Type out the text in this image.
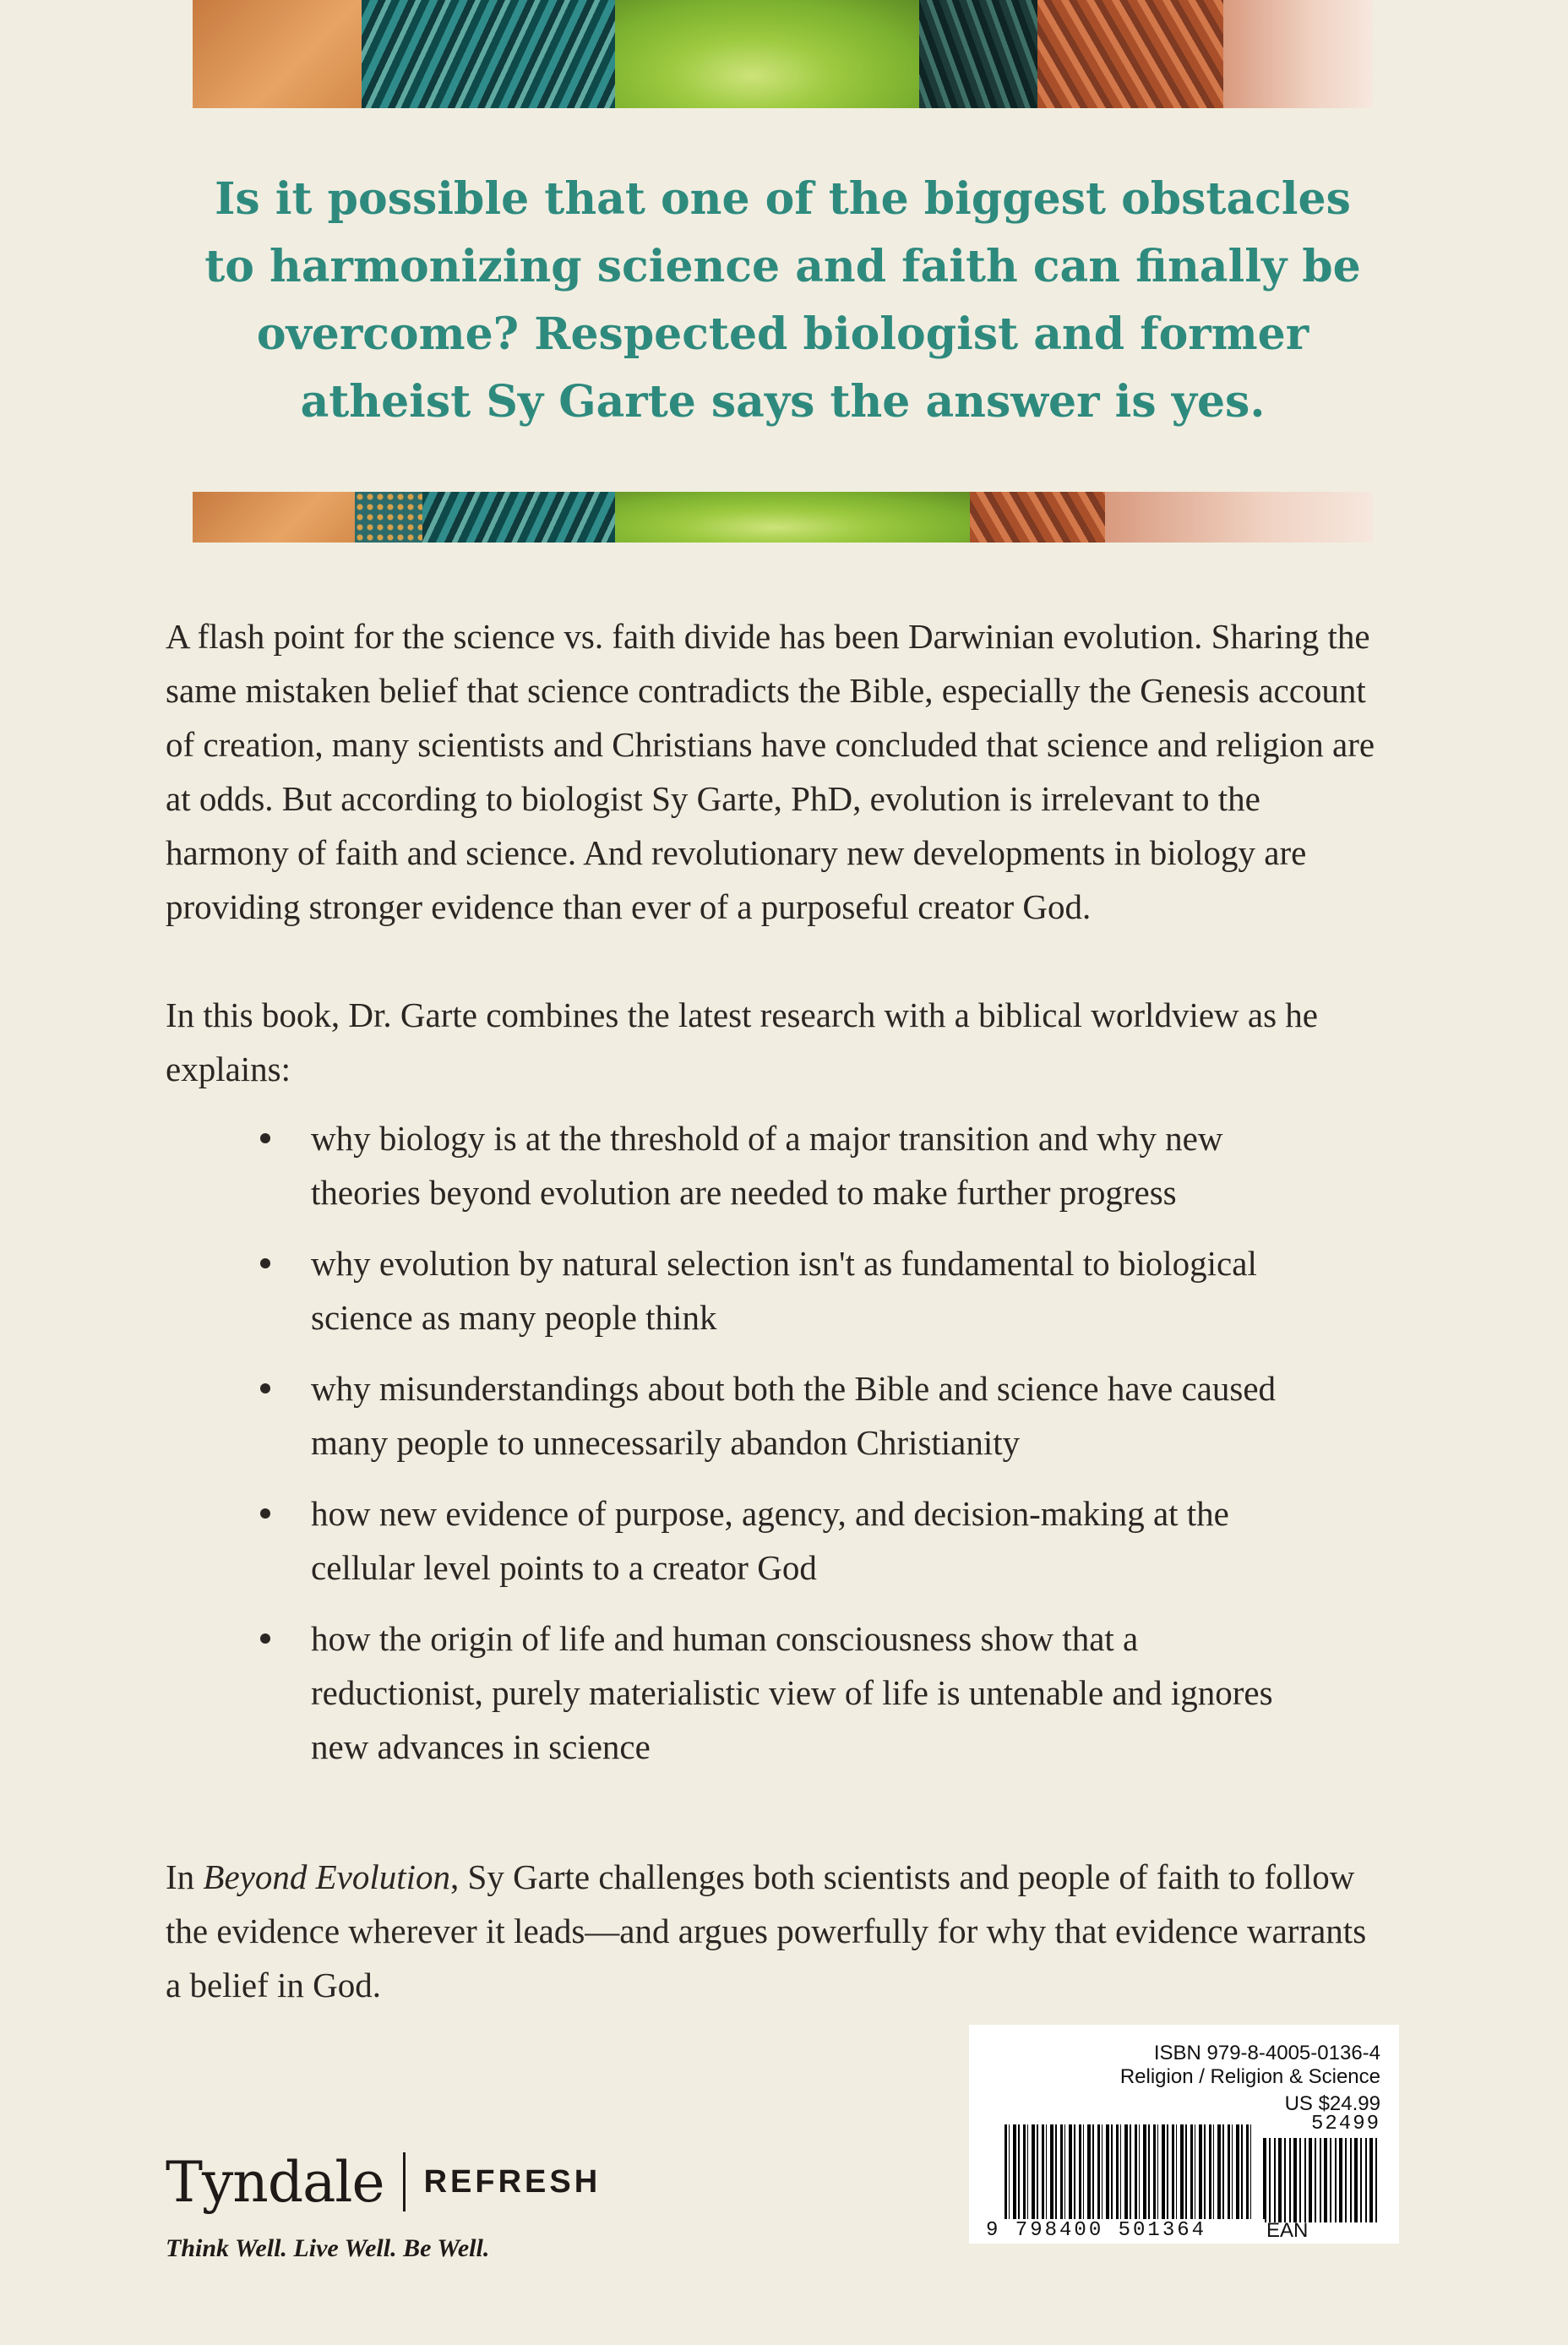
Is it possible that one of the biggest obstacles to harmonizing science and faith can finally be overcome? Respected biologist and former atheist Sy Garte says the answer is yes.

A flash point for the science vs. faith divide has been Darwinian evolution. Sharing the same mistaken belief that science contradicts the Bible, especially the Genesis account of creation, many scientists and Christians have concluded that science and religion are at odds. But according to biologist Sy Garte, PhD, evolution is irrelevant to the harmony of faith and science. And revolutionary new developments in biology are providing stronger evidence than ever of a purposeful creator God.

In this book, Dr. Garte combines the latest research with a biblical worldview as he explains:

why biology is at the threshold of a major transition and why new theories beyond evolution are needed to make further progress
why evolution by natural selection isn't as fundamental to biological science as many people think
why misunderstandings about both the Bible and science have caused many people to unnecessarily abandon Christianity
how new evidence of purpose, agency, and decision-making at the cellular level points to a creator God
how the origin of life and human consciousness show that a reductionist, purely materialistic view of life is untenable and ignores new advances in science

In Beyond Evolution, Sy Garte challenges both scientists and people of faith to follow the evidence wherever it leads—and argues powerfully for why that evidence warrants a belief in God.

ISBN 979-8-4005-0136-4
Religion / Religion & Science
US $24.99
52499
9 798400 501364	EAN
Tyndale REFRESH
Think Well. Live Well. Be Well.
